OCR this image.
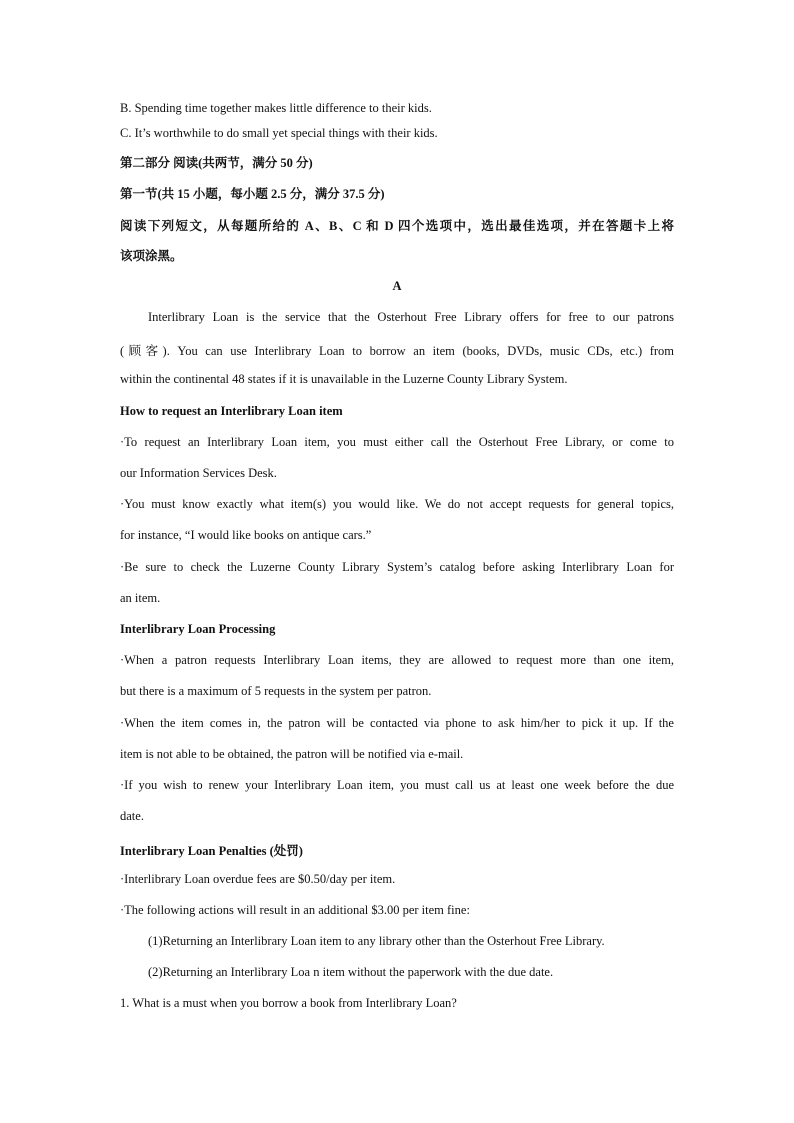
B. Spending time together makes little difference to their kids.
C. It’s worthwhile to do small yet special things with their kids.
第二部分 阅读(共两节，满分 50 分)
第一节(共 15 小题，每小题 2.5 分，满分 37.5 分)
阅读下列短文，从每题所给的 A、B、C 和 D 四个选项中，选出最佳选项，并在答题卡上将
该项涂黑。
A
Interlibrary Loan is the service that the Osterhout Free Library offers for free to our patrons
(顾客). You can use Interlibrary Loan to borrow an item (books, DVDs, music CDs, etc.) from
within the continental 48 states if it is unavailable in the Luzerne County Library System.
How to request an Interlibrary Loan item
·To request an Interlibrary Loan item, you must either call the Osterhout Free Library, or come to
our Information Services Desk.
·You must know exactly what item(s) you would like. We do not accept requests for general topics,
for instance, “I would like books on antique cars.”
·Be sure to check the Luzerne County Library System’s catalog before asking Interlibrary Loan for
an item.
Interlibrary Loan Processing
·When a patron requests Interlibrary Loan items, they are allowed to request more than one item,
but there is a maximum of 5 requests in the system per patron.
·When the item comes in, the patron will be contacted via phone to ask him/her to pick it up. If the
item is not able to be obtained, the patron will be notified via e-mail.
·If you wish to renew your Interlibrary Loan item, you must call us at least one week before the due
date.
Interlibrary Loan Penalties (处罚)
·Interlibrary Loan overdue fees are $0.50/day per item.
·The following actions will result in an additional $3.00 per item fine:
(1)Returning an Interlibrary Loan item to any library other than the Osterhout Free Library.
(2)Returning an Interlibrary Loa n item without the paperwork with the due date.
1. What is a must when you borrow a book from Interlibrary Loan?
